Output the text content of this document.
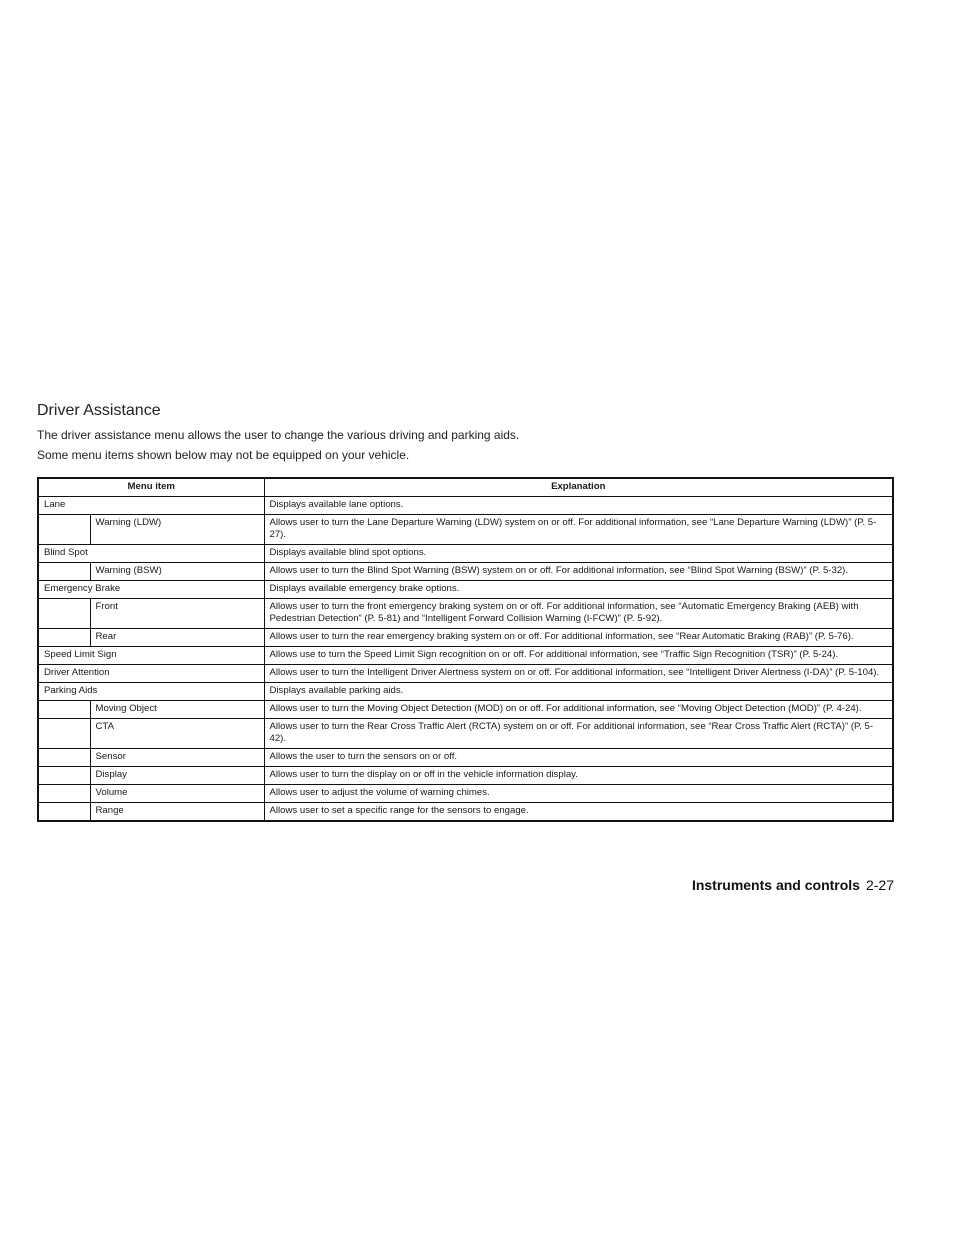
Driver Assistance

The driver assistance menu allows the user to change the various driving and parking aids.

Some menu items shown below may not be equipped on your vehicle.

Menu item		Explanation
Lane		Displays available lane options.
	Warning (LDW)	Allows user to turn the Lane Departure Warning (LDW) system on or off. For additional information, see “Lane Departure Warning (LDW)” (P. 5-27).
Blind Spot		Displays available blind spot options.
	Warning (BSW)	Allows user to turn the Blind Spot Warning (BSW) system on or off. For additional information, see “Blind Spot Warning (BSW)” (P. 5-32).
Emergency Brake		Displays available emergency brake options.
	Front	Allows user to turn the front emergency braking system on or off. For additional information, see “Automatic Emergency Braking (AEB) with Pedestrian Detection” (P. 5-81) and “Intelligent Forward Collision Warning (I-FCW)” (P. 5-92).
	Rear	Allows user to turn the rear emergency braking system on or off. For additional information, see “Rear Automatic Braking (RAB)” (P. 5-76).
Speed Limit Sign		Allows use to turn the Speed Limit Sign recognition on or off. For additional information, see “Traffic Sign Recognition (TSR)” (P. 5-24).
Driver Attention		Allows user to turn the Intelligent Driver Alertness system on or off. For additional information, see “Intelligent Driver Alertness (I-DA)” (P. 5-104).
Parking Aids		Displays available parking aids.
	Moving Object	Allows user to turn the Moving Object Detection (MOD) on or off. For additional information, see “Moving Object Detection (MOD)” (P. 4-24).
	CTA	Allows user to turn the Rear Cross Traffic Alert (RCTA) system on or off. For additional information, see “Rear Cross Traffic Alert (RCTA)” (P. 5-42).
	Sensor	Allows the user to turn the sensors on or off.
	Display	Allows user to turn the display on or off in the vehicle information display.
	Volume	Allows user to adjust the volume of warning chimes.
	Range	Allows user to set a specific range for the sensors to engage.
Instruments and controls 2-27
